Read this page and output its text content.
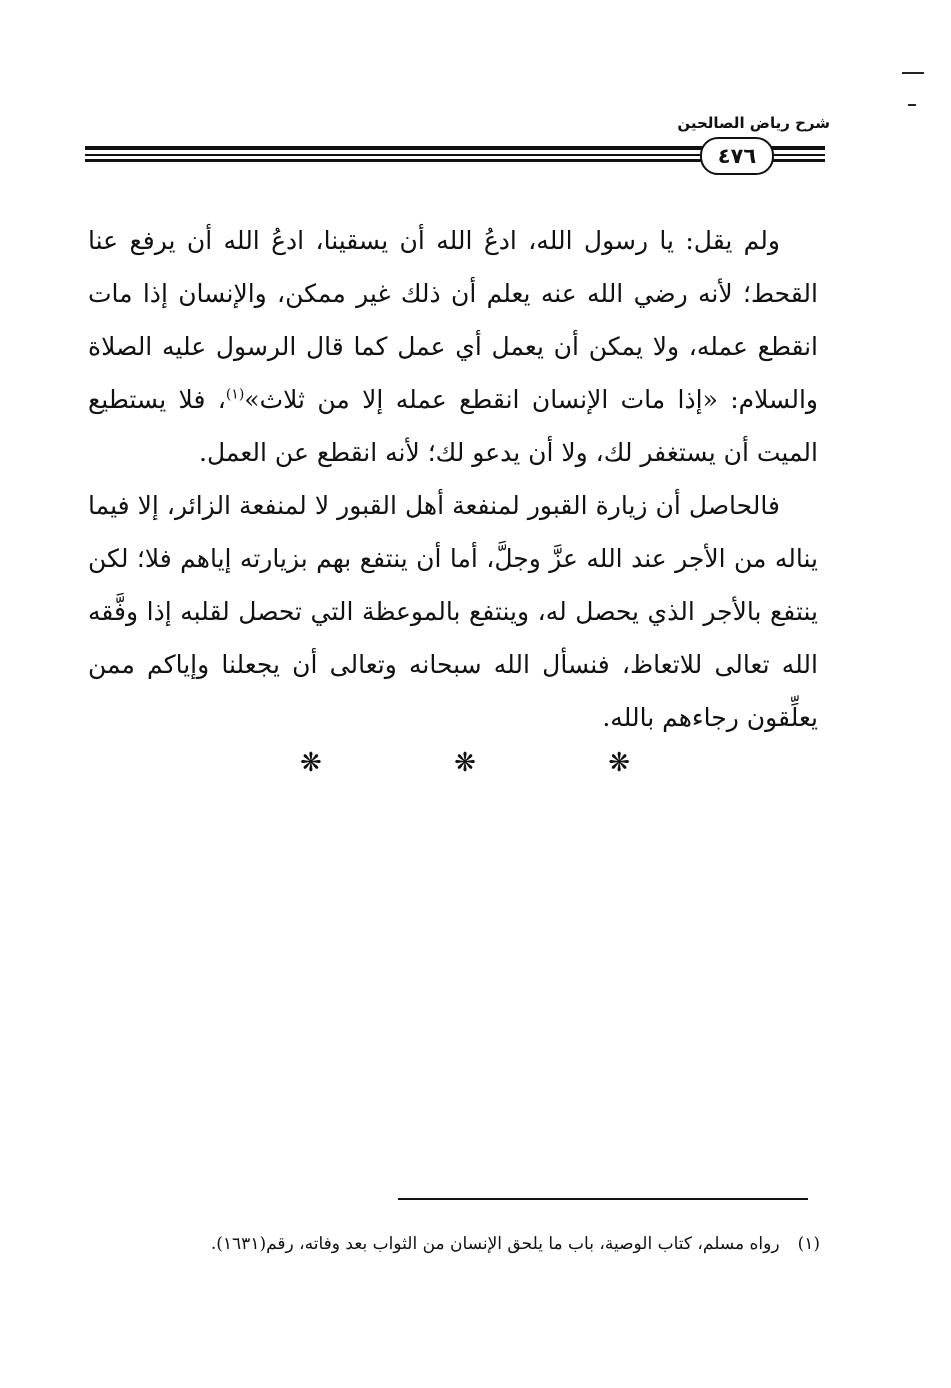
شرح رياض الصالحين
٤٧٦

ولم يقل: يا رسول الله، ادعُ الله أن يسقينا، ادعُ الله أن يرفع عنا القحط؛ لأنه رضي الله عنه يعلم أن ذلك غير ممكن، والإنسان إذا مات انقطع عمله، ولا يمكن أن يعمل أي عمل كما قال الرسول عليه الصلاة والسلام: «إذا مات الإنسان انقطع عمله إلا من ثلاث»$^{(١)}$، فلا يستطيع الميت أن يستغفر لك، ولا أن يدعو لك؛ لأنه انقطع عن العمل.

فالحاصل أن زيارة القبور لمنفعة أهل القبور لا لمنفعة الزائر، إلا فيما يناله من الأجر عند الله عزَّ وجلَّ، أما أن ينتفع بهم بزيارته إياهم فلا؛ لكن ينتفع بالأجر الذي يحصل له، وينتفع بالموعظة التي تحصل لقلبه إذا وفَّقه الله تعالى للاتعاظ، فنسأل الله سبحانه وتعالى أن يجعلنا وإياكم ممن يعلِّقون رجاءهم بالله.

❋
❋
❋
(١)رواه مسلم، كتاب الوصية، باب ما يلحق الإنسان من الثواب بعد وفاته، رقم(١٦٣١).
